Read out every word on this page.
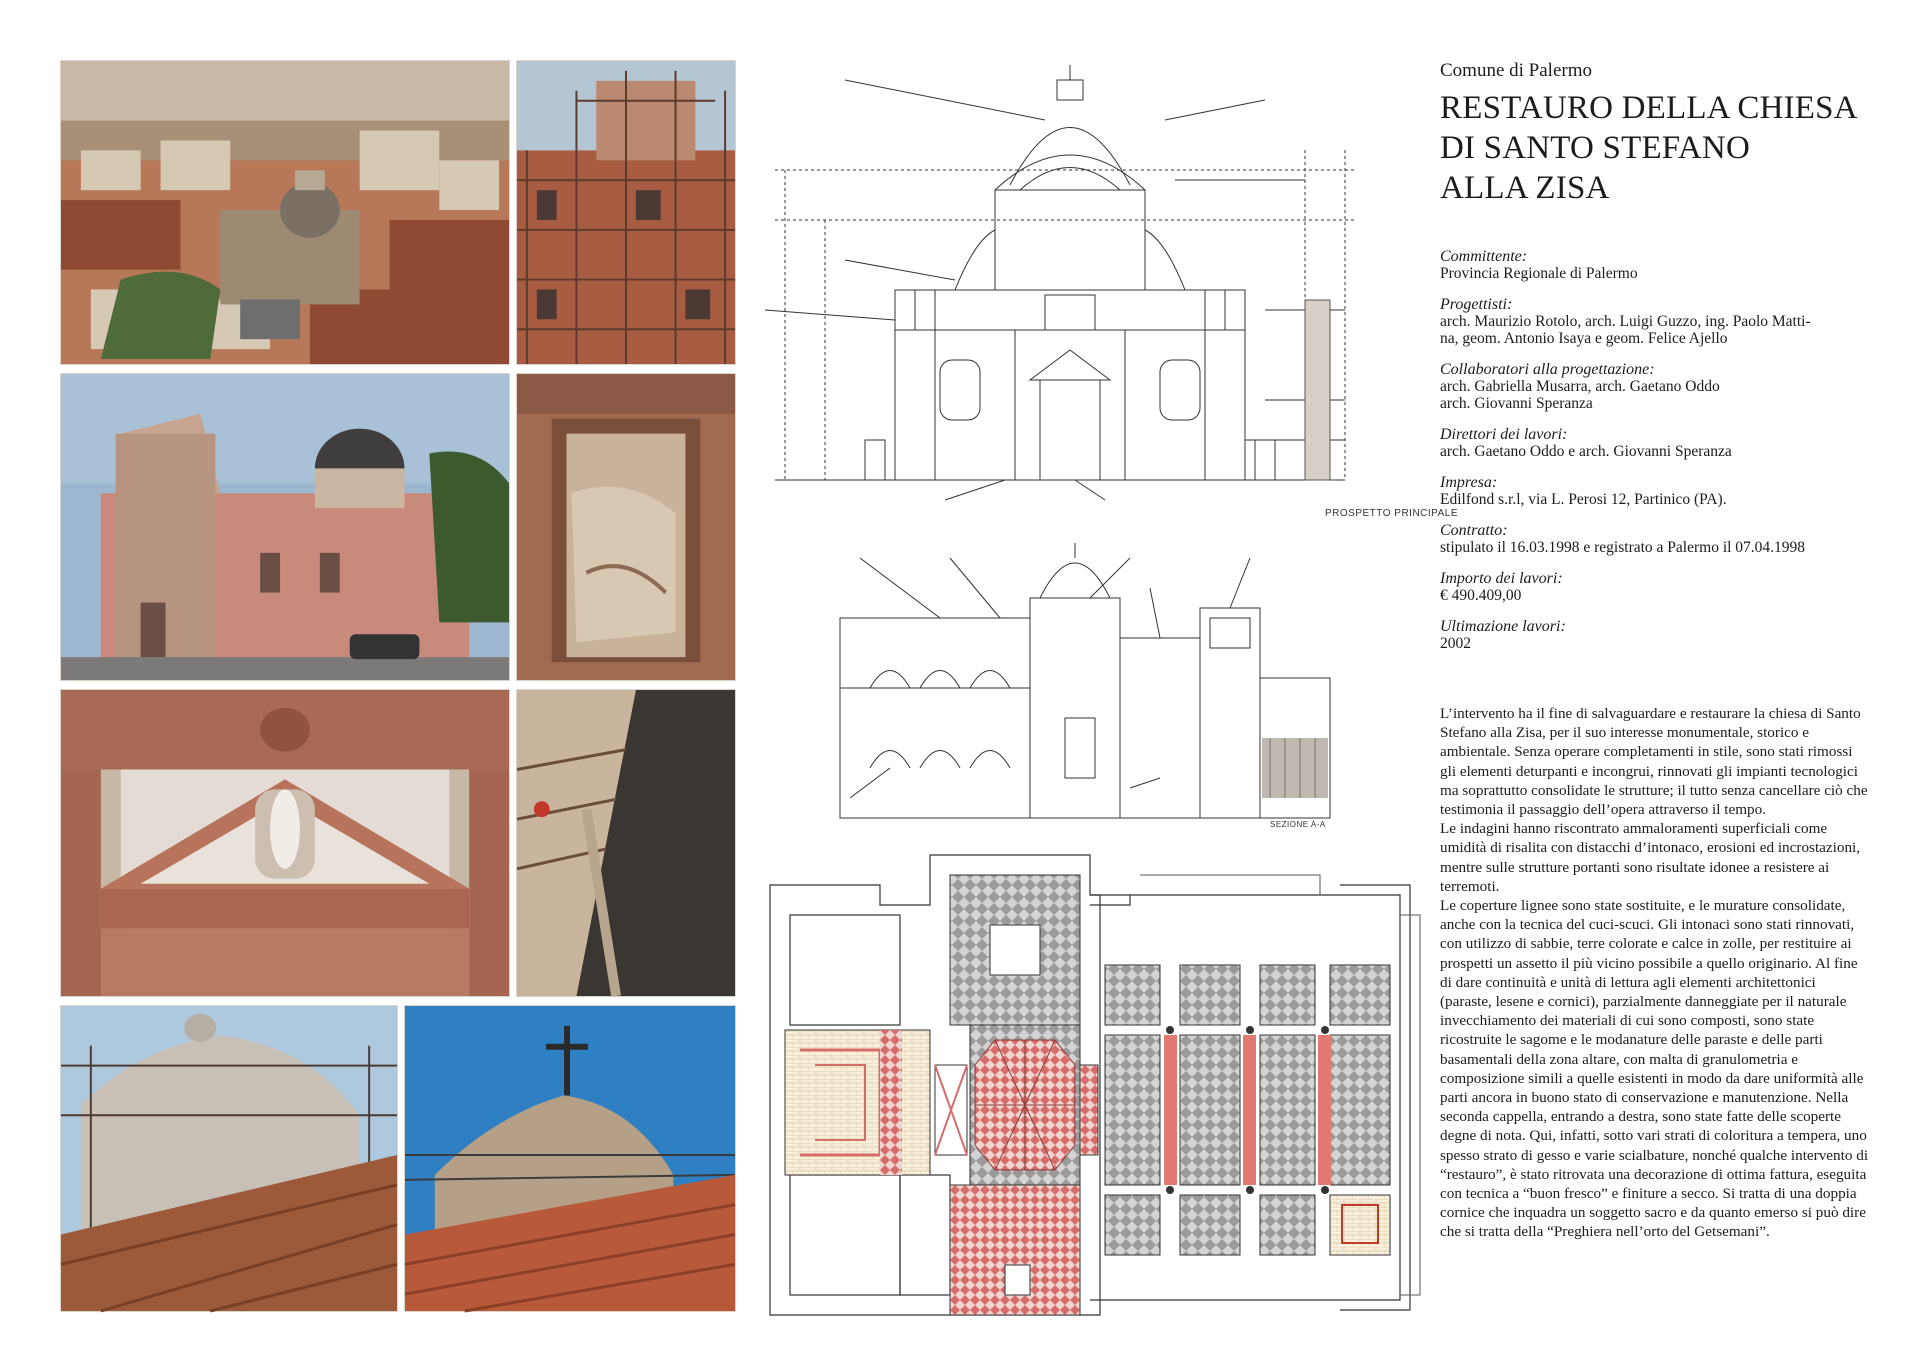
PROSPETTO PRINCIPALE
SEZIONE A-A
Comune di Palermo
RESTAURO DELLA CHIESA
DI SANTO STEFANO
ALLA ZISA
Committente:
Provincia Regionale di Palermo
Progettisti:
arch. Maurizio Rotolo, arch. Luigi Guzzo, ing. Paolo Matti-
na, geom. Antonio Isaya e geom. Felice Ajello
Collaboratori alla progettazione:
arch. Gabriella Musarra, arch. Gaetano Oddo
arch. Giovanni Speranza
Direttori dei lavori:
arch. Gaetano Oddo e arch. Giovanni Speranza
Impresa:
Edilfond s.r.l, via L. Perosi 12, Partinico (PA).
Contratto:
stipulato il 16.03.1998 e registrato a Palermo il 07.04.1998
Importo dei lavori:
€ 490.409,00
Ultimazione lavori:
2002

L’intervento ha il fine di salvaguardare e restaurare la chiesa di Santo Stefano alla Zisa, per il suo interesse monumentale, storico e ambientale. Senza operare completamenti in stile, sono stati rimossi gli elementi deturpanti e incongrui, rinnovati gli impianti tecnologici ma soprattutto consolidate le strutture; il tutto senza cancellare ciò che testimonia il passaggio dell’opera attraverso il tempo.

Le indagini hanno riscontrato ammaloramenti superficiali come umidità di risalita con distacchi d’intonaco, erosioni ed incrostazioni, mentre sulle strutture portanti sono risultate idonee a resistere ai terremoti.

Le coperture lignee sono state sostituite, e le murature consolidate, anche con la tecnica del cuci-scuci. Gli intonaci sono stati rinnovati, con utilizzo di sabbie, terre colorate e calce in zolle, per restituire ai prospetti un assetto il più vicino possibile a quello originario. Al fine di dare continuità e unità di lettura agli elementi architettonici (paraste, lesene e cornici), parzialmente danneggiate per il naturale invecchiamento dei materiali di cui sono composti, sono state ricostruite le sagome e le modanature delle paraste e delle parti basamentali della zona altare, con malta di granulometria e composizione simili a quelle esistenti in modo da dare uniformità alle parti ancora in buono stato di conservazione e manutenzione. Nella seconda cappella, entrando a destra, sono state fatte delle scoperte degne di nota. Qui, infatti, sotto vari strati di coloritura a tempera, uno spesso strato di gesso e varie scialbature, nonché qualche intervento di “restauro”, è stato ritrovata una decorazione di ottima fattura, eseguita con tecnica a “buon fresco” e finiture a secco. Si tratta di una doppia cornice che inquadra un soggetto sacro e da quanto emerso si può dire che si tratta della “Preghiera nell’orto del Getsemani”.
